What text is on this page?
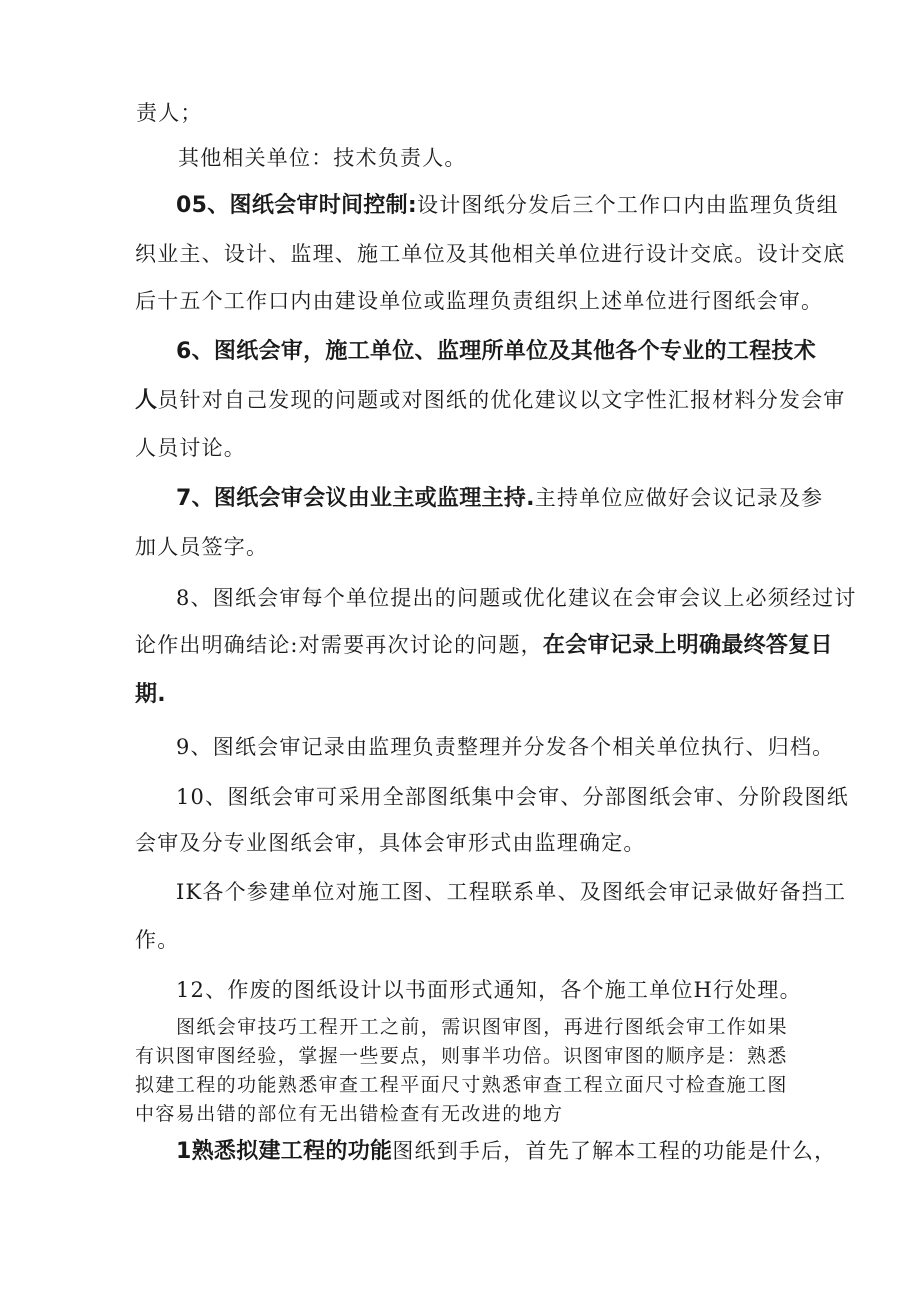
责人；
其他相关单位：技术负责人。
05、图纸会审时间控制:设计图纸分发后三个工作口内由监理负货组
织业主、设计、监理、施工单位及其他相关单位进行设计交底。设计交底
后十五个工作口内由建设单位或监理负责组织上述单位进行图纸会审。
6、图纸会审，施工单位、监理所单位及其他各个专业的工程技术
人员针对自己发现的问题或对图纸的优化建议以文字性汇报材料分发会审
人员讨论。
7、图纸会审会议由业主或监理主持.主持单位应做好会议记录及参
加人员签字。
8、图纸会审每个单位提出的问题或优化建议在会审会议上必须经过讨
论作出明确结论:对需要再次讨论的问题，在会审记录上明确最终答复日
期.
9、图纸会审记录由监理负责整理并分发各个相关单位执行、归档。
10、图纸会审可采用全部图纸集中会审、分部图纸会审、分阶段图纸
会审及分专业图纸会审，具体会审形式由监理确定。
IK各个参建单位对施工图、工程联系单、及图纸会审记录做好备挡工
作。
12、作废的图纸设计以书面形式通知，各个施工单位H行处理。
图纸会审技巧工程开工之前，需识图审图，再进行图纸会审工作如果
有识图审图经验，掌握一些要点，则事半功倍。识图审图的顺序是：熟悉
拟建工程的功能熟悉审查工程平面尺寸熟悉审查工程立面尺寸检查施工图
中容易出错的部位有无出错检查有无改进的地方
1熟悉拟建工程的功能图纸到手后，首先了解本工程的功能是什么，
